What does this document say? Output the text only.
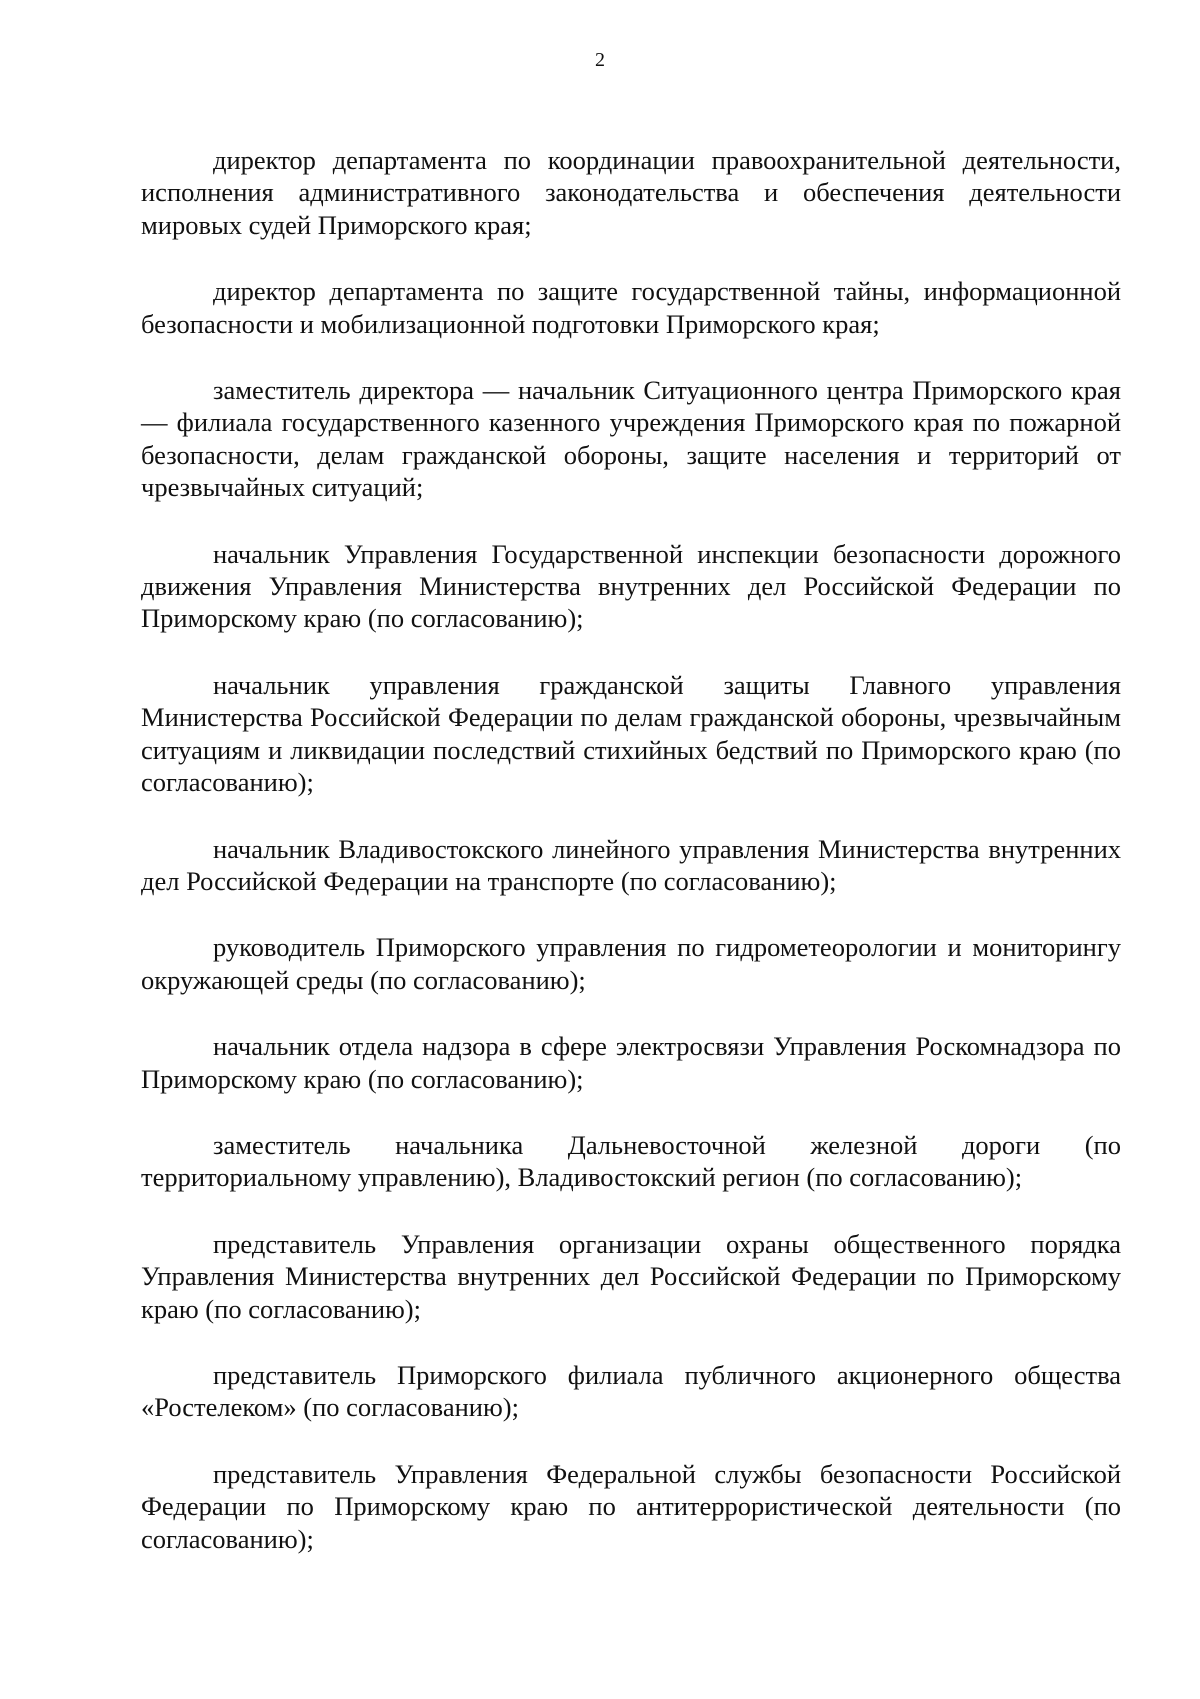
2

директор департамента по координации правоохранительной деятельности, исполнения административного законодательства и обеспечения деятельности мировых судей Приморского края;

директор департамента по защите государственной тайны, информационной безопасности и мобилизационной подготовки Приморского края;

заместитель директора — начальник Ситуационного центра Приморского края — филиала государственного казенного учреждения Приморского края по пожарной безопасности, делам гражданской обороны, защите населения и территорий от чрезвычайных ситуаций;

начальник Управления Государственной инспекции безопасности дорожного движения Управления Министерства внутренних дел Российской Федерации по Приморскому краю (по согласованию);

начальник управления гражданской защиты Главного управления Министерства Российской Федерации по делам гражданской обороны, чрезвычайным ситуациям и ликвидации последствий стихийных бедствий по Приморского краю (по согласованию);

начальник Владивостокского линейного управления Министерства внутренних дел Российской Федерации на транспорте (по согласованию);

руководитель Приморского управления по гидрометеорологии и мониторингу окружающей среды (по согласованию);

начальник отдела надзора в сфере электросвязи Управления Роскомнадзора по Приморскому краю (по согласованию);

заместитель начальника Дальневосточной железной дороги (по территориальному управлению), Владивостокский регион (по согласованию);

представитель Управления организации охраны общественного порядка Управления Министерства внутренних дел Российской Федерации по Приморскому краю (по согласованию);

представитель Приморского филиала публичного акционерного общества «Ростелеком» (по согласованию);

представитель Управления Федеральной службы безопасности Российской Федерации по Приморскому краю по антитеррористической деятельности (по согласованию);
